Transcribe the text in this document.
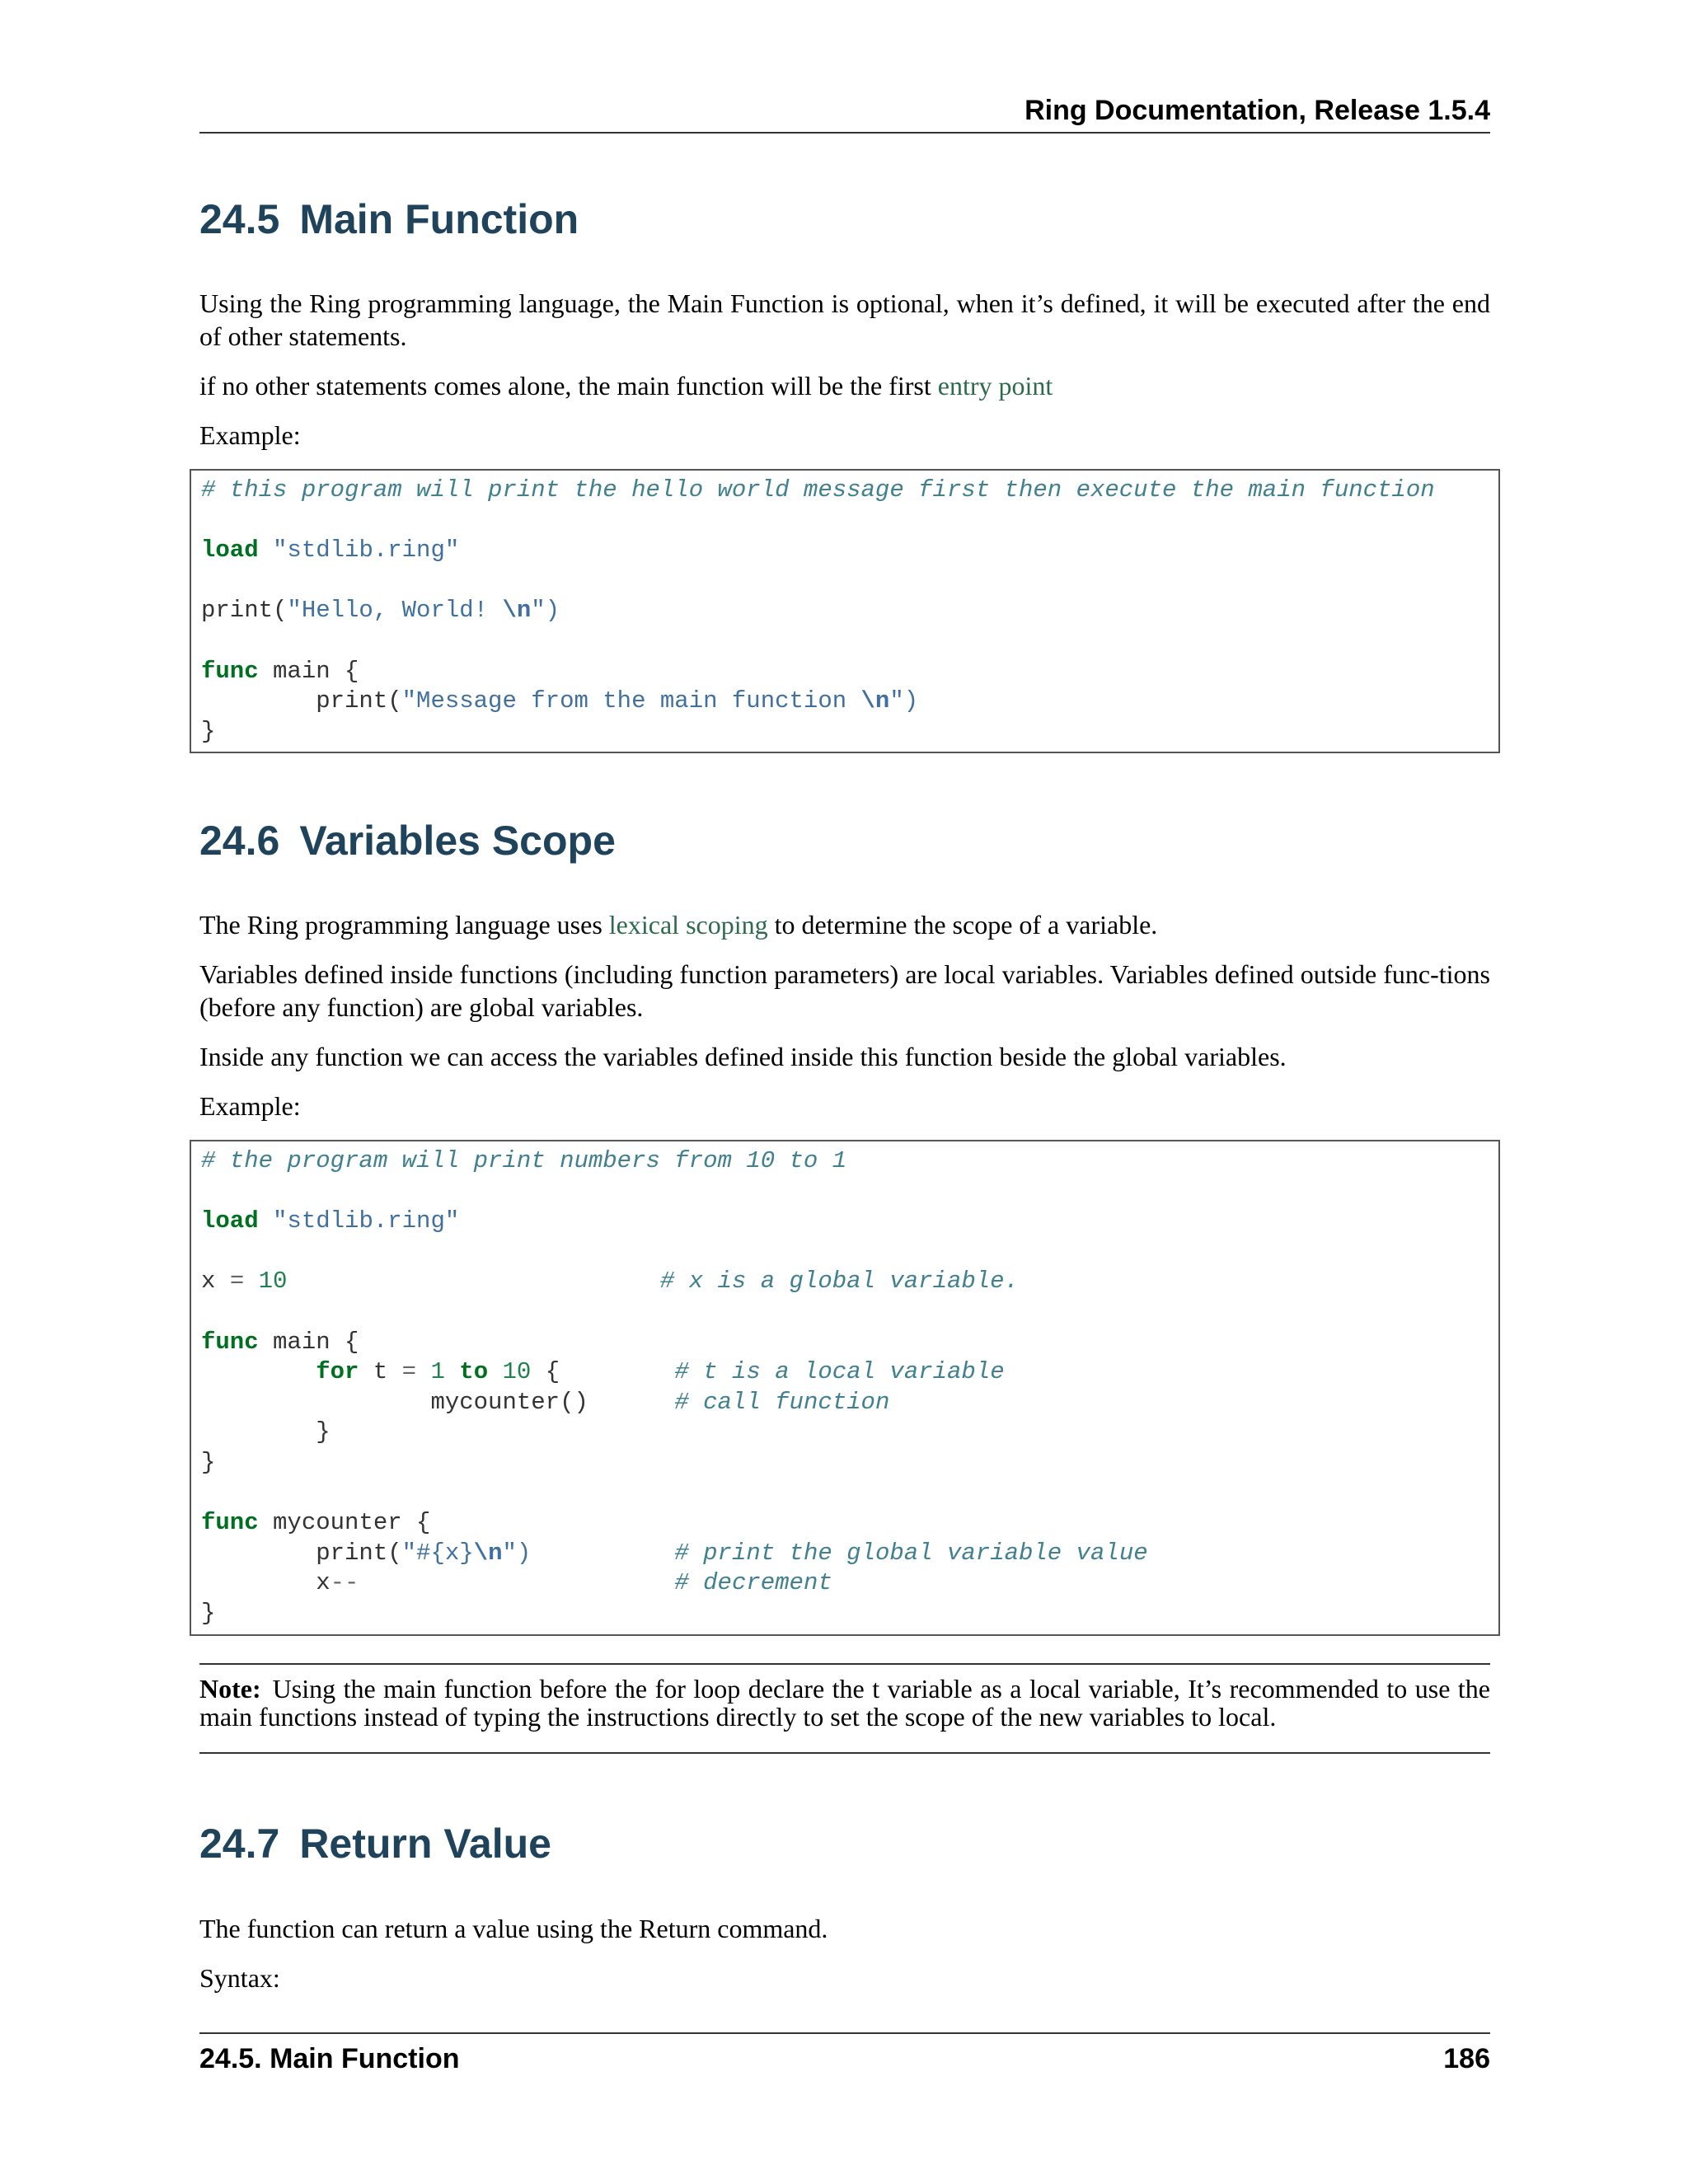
Ring Documentation, Release 1.5.4
24.5 Main Function

Using the Ring programming language, the Main Function is optional, when it’s defined, it will be executed after the end of other statements.

if no other statements comes alone, the main function will be the first entry point

Example:

# this program will print the hello world message first then execute the main function
load "stdlib.ring"
print("Hello, World! \n")
func main {
print("Message from the main function \n")
}
24.6 Variables Scope

The Ring programming language uses lexical scoping to determine the scope of a variable.

Variables defined inside functions (including function parameters) are local variables. Variables defined outside func-tions (before any function) are global variables.

Inside any function we can access the variables defined inside this function beside the global variables.

Example:

# the program will print numbers from 10 to 1
load "stdlib.ring"
x = 10	# x is a global variable.
func main {
for t = 1 to 10 {	# t is a local variable
mycounter()	# call function
}
}
func mycounter {
print("#{x}\n")	# print the global variable value
x--	# decrement
}
Note: Using the main function before the for loop declare the t variable as a local variable, It’s recommended to use the main functions instead of typing the instructions directly to set the scope of the new variables to local.
24.7 Return Value

The function can return a value using the Return command.

Syntax:

24.5. Main Function	186
